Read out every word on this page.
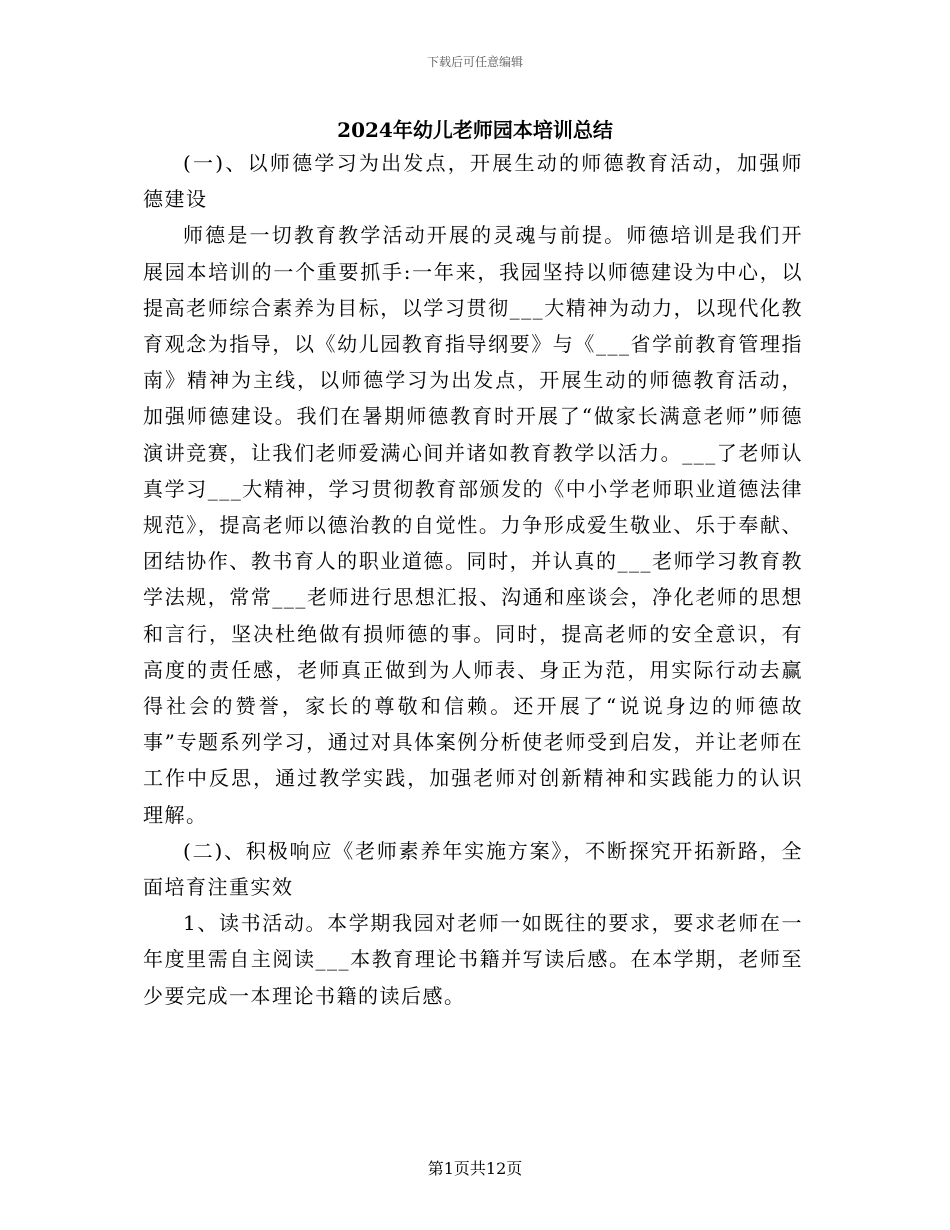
下载后可任意编辑
2024年幼儿老师园本培训总结

(一)、以师德学习为出发点，开展生动的师德教育活动，加强师德建设

师德是一切教育教学活动开展的灵魂与前提。师德培训是我们开展园本培训的一个重要抓手:一年来，我园坚持以师德建设为中心，以提高老师综合素养为目标，以学习贯彻___大精神为动力，以现代化教育观念为指导，以《幼儿园教育指导纲要》与《___省学前教育管理指南》精神为主线，以师德学习为出发点，开展生动的师德教育活动，加强师德建设。我们在暑期师德教育时开展了“做家长满意老师”师德演讲竞赛，让我们老师爱满心间并诸如教育教学以活力。___了老师认真学习___大精神，学习贯彻教育部颁发的《中小学老师职业道德法律规范》，提高老师以德治教的自觉性。力争形成爱生敬业、乐于奉献、团结协作、教书育人的职业道德。同时，并认真的___老师学习教育教学法规，常常___老师进行思想汇报、沟通和座谈会，净化老师的思想和言行，坚决杜绝做有损师德的事。同时，提高老师的安全意识，有高度的责任感，老师真正做到为人师表、身正为范，用实际行动去赢得社会的赞誉，家长的尊敬和信赖。还开展了“说说身边的师德故事”专题系列学习，通过对具体案例分析使老师受到启发，并让老师在工作中反思，通过教学实践，加强老师对创新精神和实践能力的认识理解。

(二)、积极响应《老师素养年实施方案》，不断探究开拓新路，全面培育注重实效

1、读书活动。本学期我园对老师一如既往的要求，要求老师在一年度里需自主阅读___本教育理论书籍并写读后感。在本学期，老师至少要完成一本理论书籍的读后感。

第1页共12页
